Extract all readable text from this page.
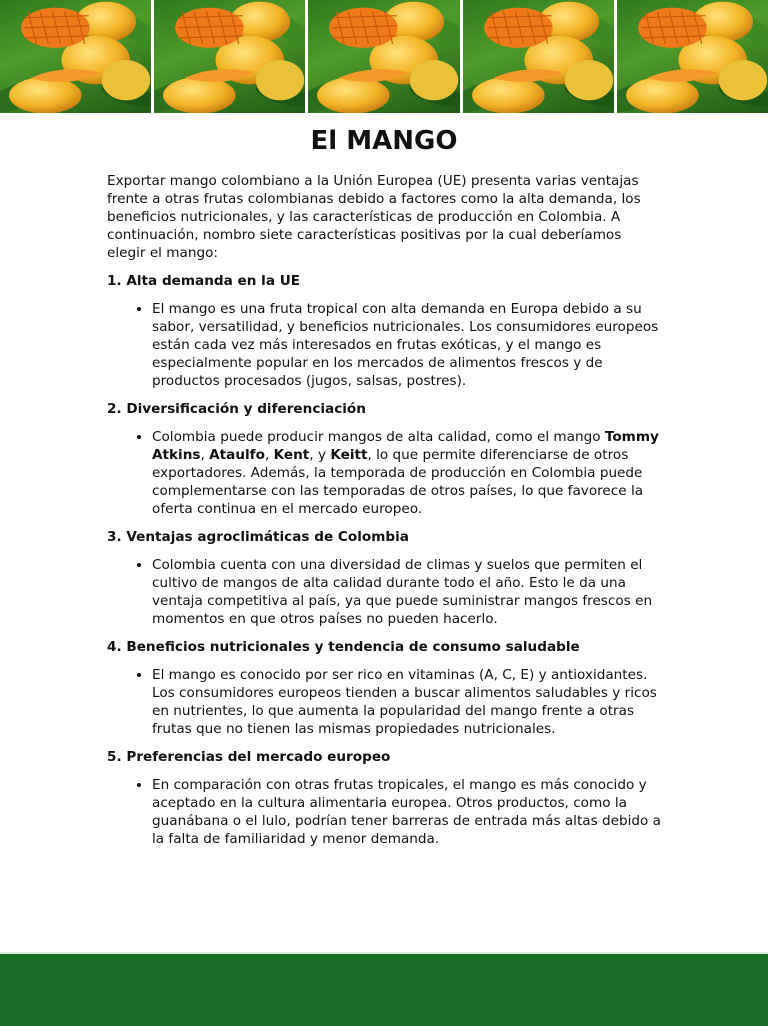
El MANGO

Exportar mango colombiano a la Unión Europea (UE) presenta varias ventajas frente a otras frutas colombianas debido a factores como la alta demanda, los beneficios nutricionales, y las características de producción en Colombia. A continuación, nombro siete características positivas por la cual deberíamos elegir el mango:

1. Alta demanda en la UE

• El mango es una fruta tropical con alta demanda en Europa debido a su sabor, versatilidad, y beneficios nutricionales. Los consumidores europeos están cada vez más interesados en frutas exóticas, y el mango es especialmente popular en los mercados de alimentos frescos y de productos procesados (jugos, salsas, postres).

2. Diversificación y diferenciación

• Colombia puede producir mangos de alta calidad, como el mango Tommy Atkins, Ataulfo, Kent, y Keitt, lo que permite diferenciarse de otros exportadores. Además, la temporada de producción en Colombia puede complementarse con las temporadas de otros países, lo que favorece la oferta continua en el mercado europeo.

3. Ventajas agroclimáticas de Colombia

• Colombia cuenta con una diversidad de climas y suelos que permiten el cultivo de mangos de alta calidad durante todo el año. Esto le da una ventaja competitiva al país, ya que puede suministrar mangos frescos en momentos en que otros países no pueden hacerlo.

4. Beneficios nutricionales y tendencia de consumo saludable

• El mango es conocido por ser rico en vitaminas (A, C, E) y antioxidantes. Los consumidores europeos tienden a buscar alimentos saludables y ricos en nutrientes, lo que aumenta la popularidad del mango frente a otras frutas que no tienen las mismas propiedades nutricionales.

5. Preferencias del mercado europeo

• En comparación con otras frutas tropicales, el mango es más conocido y aceptado en la cultura alimentaria europea. Otros productos, como la guanábana o el lulo, podrían tener barreras de entrada más altas debido a la falta de familiaridad y menor demanda.
